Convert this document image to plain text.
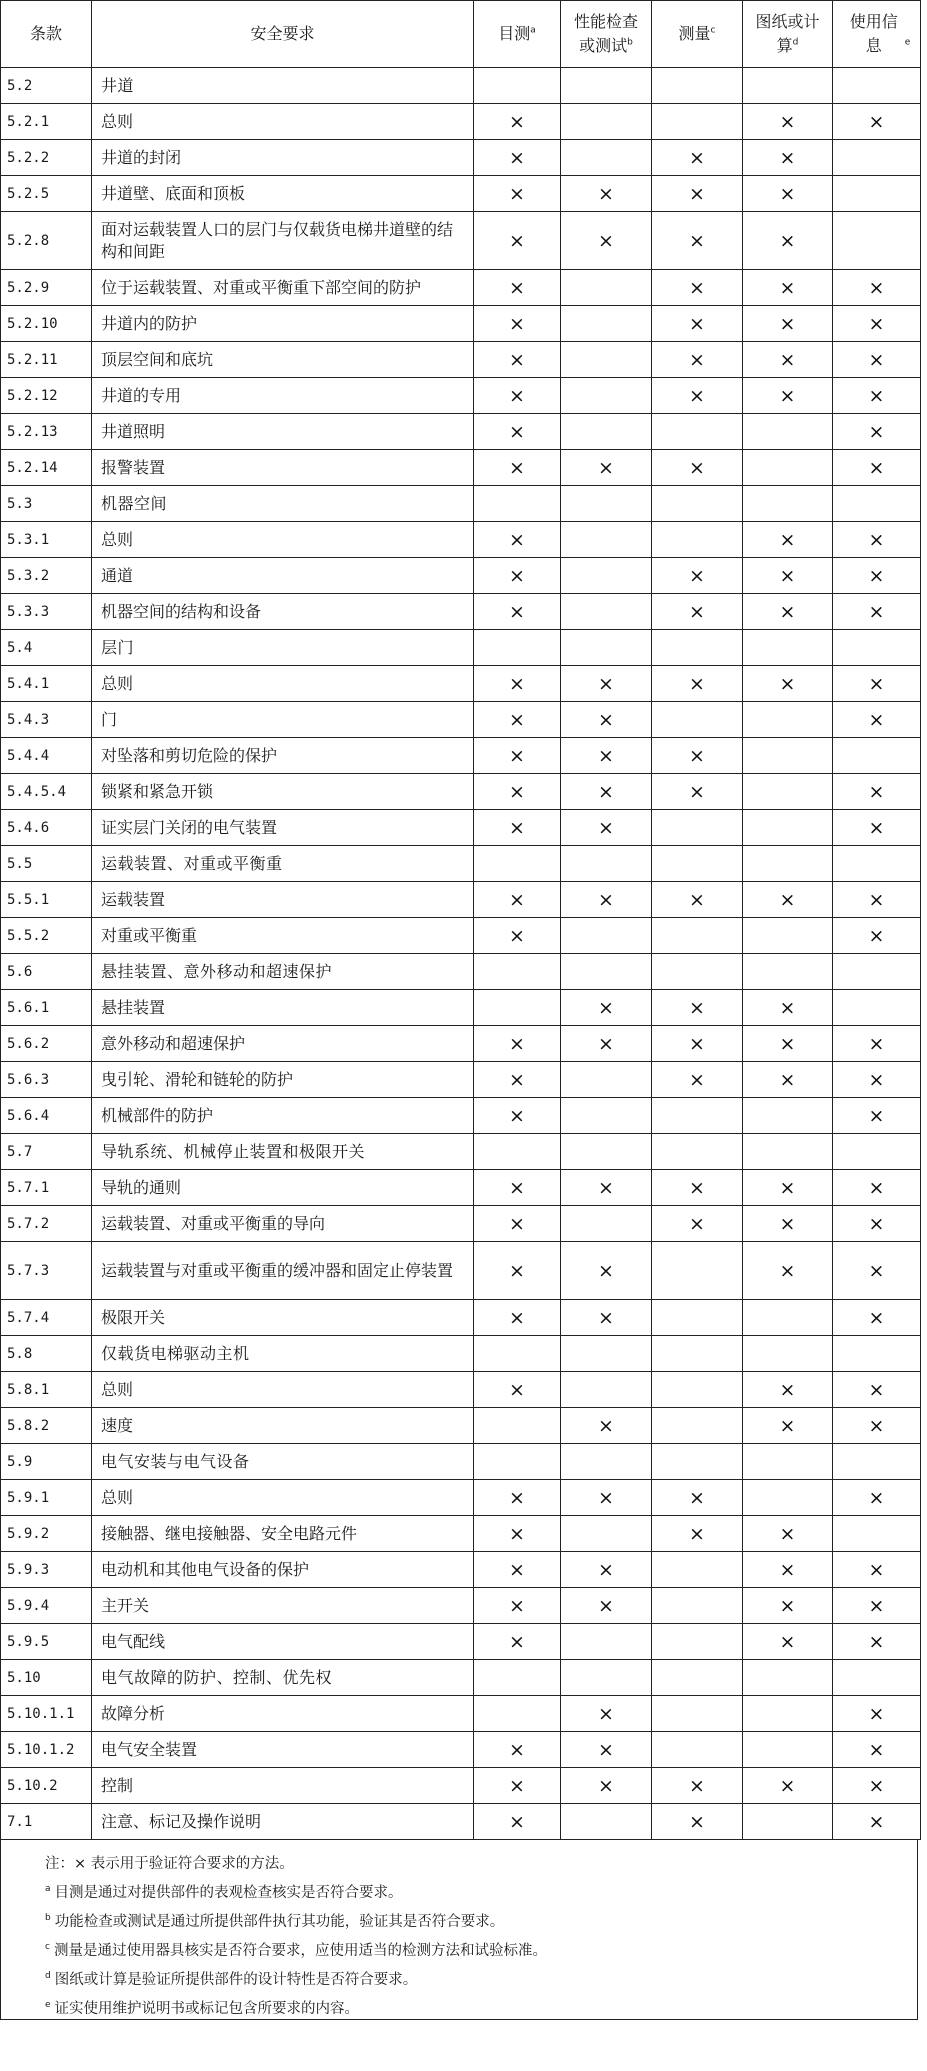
条款	安全要求	目测$^a$	性能检查或测试$^b$	测量$^c$	图纸或计算$^d$	使用信息 $^e$
5.2	井道					
5.2.1	总则	×			×	×
5.2.2	井道的封闭	×		×	×	
5.2.5	井道壁、底面和顶板	×	×	×	×	
5.2.8	面对运载装置人口的层门与仅载货电梯井道壁的结构和间距	×	×	×	×	
5.2.9	位于运载装置、对重或平衡重下部空间的防护	×		×	×	×
5.2.10	井道内的防护	×		×	×	×
5.2.11	顶层空间和底坑	×		×	×	×
5.2.12	井道的专用	×		×	×	×
5.2.13	井道照明	×				×
5.2.14	报警装置	×	×	×		×
5.3	机器空间					
5.3.1	总则	×			×	×
5.3.2	通道	×		×	×	×
5.3.3	机器空间的结构和设备	×		×	×	×
5.4	层门					
5.4.1	总则	×	×	×	×	×
5.4.3	门	×	×			×
5.4.4	对坠落和剪切危险的保护	×	×	×		
5.4.5.4	锁紧和紧急开锁	×	×	×		×
5.4.6	证实层门关闭的电气装置	×	×			×
5.5	运载装置、对重或平衡重					
5.5.1	运载装置	×	×	×	×	×
5.5.2	对重或平衡重	×				×
5.6	悬挂装置、意外移动和超速保护					
5.6.1	悬挂装置		×	×	×	
5.6.2	意外移动和超速保护	×	×	×	×	×
5.6.3	曳引轮、滑轮和链轮的防护	×		×	×	×
5.6.4	机械部件的防护	×				×
5.7	导轨系统、机械停止装置和极限开关					
5.7.1	导轨的通则	×	×	×	×	×
5.7.2	运载装置、对重或平衡重的导向	×		×	×	×
5.7.3	运载装置与对重或平衡重的缓冲器和固定止停装置	×	×		×	×
5.7.4	极限开关	×	×			×
5.8	仅载货电梯驱动主机					
5.8.1	总则	×			×	×
5.8.2	速度		×		×	×
5.9	电气安装与电气设备					
5.9.1	总则	×	×	×		×
5.9.2	接触器、继电接触器、安全电路元件	×		×	×	
5.9.3	电动机和其他电气设备的保护	×	×		×	×
5.9.4	主开关	×	×		×	×
5.9.5	电气配线	×			×	×
5.10	电气故障的防护、控制、优先权					
5.10.1.1	故障分析		×			×
5.10.1.2	电气安全装置	×	×			×
5.10.2	控制	×	×	×	×	×
7.1	注意、标记及操作说明	×		×		×

注：× 表示用于验证符合要求的方法。

$^a$ 目测是通过对提供部件的表观检查核实是否符合要求。

$^b$ 功能检查或测试是通过所提供部件执行其功能，验证其是否符合要求。

$^c$ 测量是通过使用器具核实是否符合要求，应使用适当的检测方法和试验标准。

$^d$ 图纸或计算是验证所提供部件的设计特性是否符合要求。

$^e$ 证实使用维护说明书或标记包含所要求的内容。
